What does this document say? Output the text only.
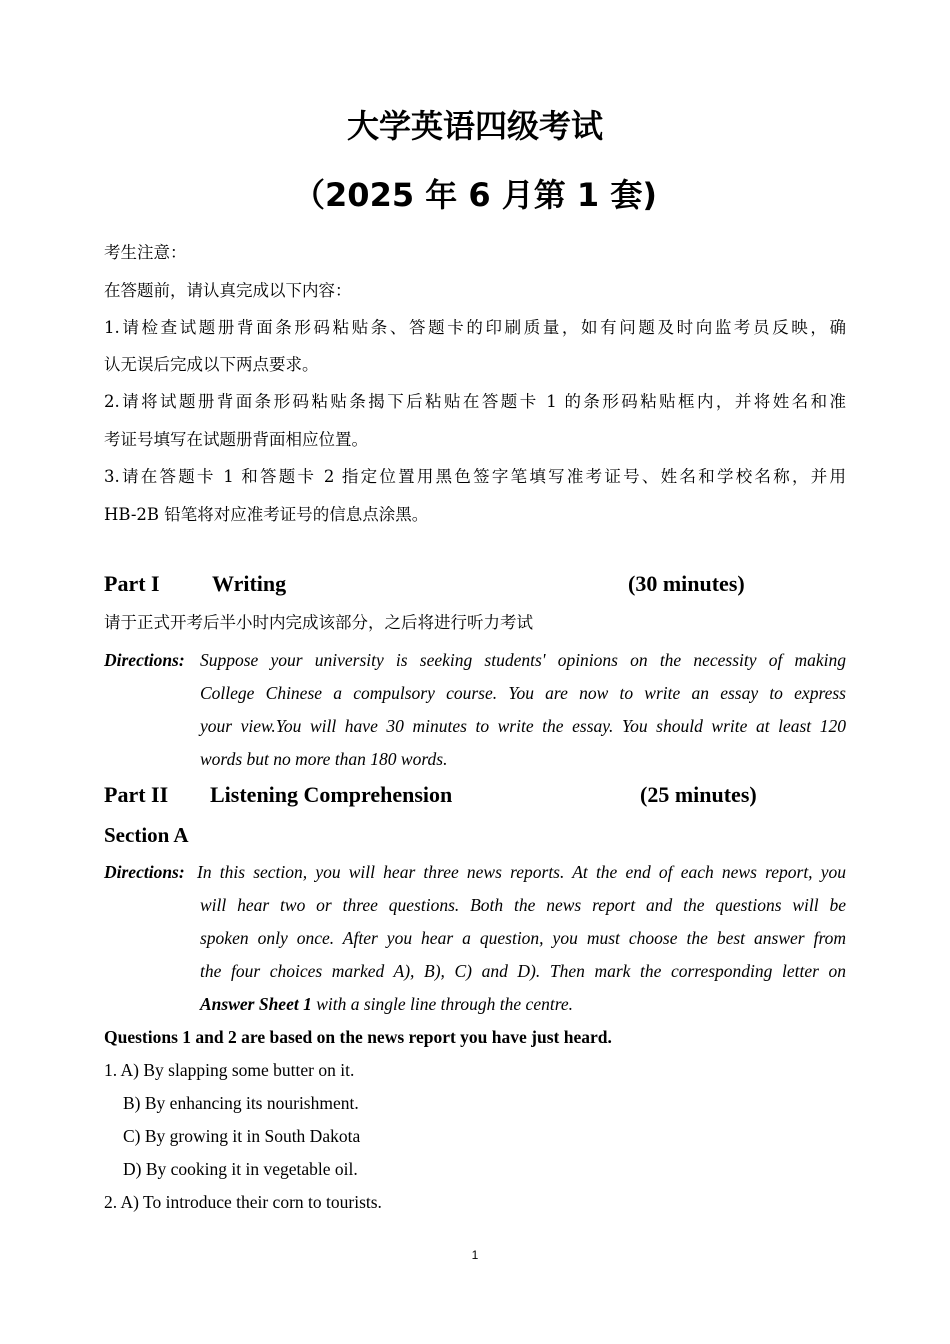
大学英语四级考试
（2025 年 6 月第 1 套)
考生注意：
在答题前，请认真完成以下内容：
1.请检查试题册背面条形码粘贴条、答题卡的印刷质量，如有问题及时向监考员反映，确
认无误后完成以下两点要求。
2.请将试题册背面条形码粘贴条揭下后粘贴在答题卡 1 的条形码粘贴框内，并将姓名和准
考证号填写在试题册背面相应位置。
3.请在答题卡 1 和答题卡 2 指定位置用黑色签字笔填写准考证号、姓名和学校名称，并用
HB-2B 铅笔将对应准考证号的信息点涂黑。
Part I Writing	(30 minutes)
请于正式开考后半小时内完成该部分，之后将进行听力考试
Directions: Suppose your university is seeking students' opinions on the necessity of making
College Chinese a compulsory course. You are now to write an essay to express
your view.You will have 30 minutes to write the essay. You should write at least 120
words but no more than 180 words.
Part II Listening Comprehension	(25 minutes)
Section A
Directions: In this section, you will hear three news reports. At the end of each news report, you
will hear two or three questions. Both the news report and the questions will be
spoken only once. After you hear a question, you must choose the best answer from
the four choices marked A), B), C) and D). Then mark the corresponding letter on
Answer Sheet 1 with a single line through the centre.
Questions 1 and 2 are based on the news report you have just heard.
1. A) By slapping some butter on it.
B) By enhancing its nourishment.
C) By growing it in South Dakota
D) By cooking it in vegetable oil.
2. A) To introduce their corn to tourists.
1
